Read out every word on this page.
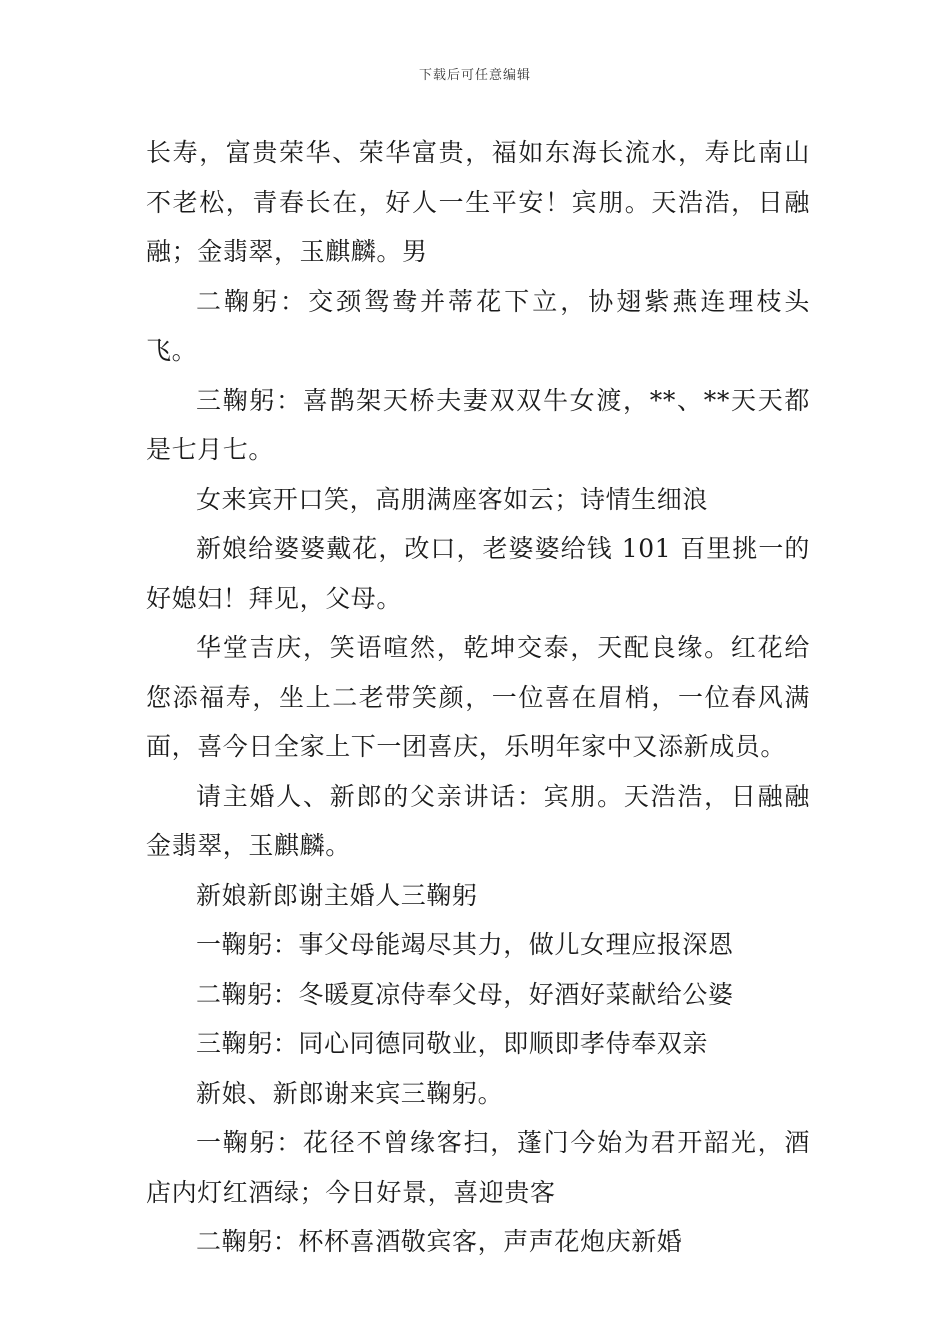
下载后可任意编辑

长寿，富贵荣华、荣华富贵，福如东海长流水，寿比南山不老松，青春长在，好人一生平安！宾朋。天浩浩，日融融；金翡翠，玉麒麟。男

二鞠躬：交颈鸳鸯并蒂花下立，协翅紫燕连理枝头飞。

三鞠躬：喜鹊架天桥夫妻双双牛女渡，**、**天天都是七月七。

女来宾开口笑，高朋满座客如云；诗情生细浪

新娘给婆婆戴花，改口，老婆婆给钱 101 百里挑一的好媳妇！拜见，父母。

华堂吉庆，笑语喧然，乾坤交泰，天配良缘。红花给您添福寿，坐上二老带笑颜，一位喜在眉梢，一位春风满面，喜今日全家上下一团喜庆，乐明年家中又添新成员。

请主婚人、新郎的父亲讲话：宾朋。天浩浩，日融融金翡翠，玉麒麟。

新娘新郎谢主婚人三鞠躬

一鞠躬：事父母能竭尽其力，做儿女理应报深恩

二鞠躬：冬暖夏凉侍奉父母，好酒好菜献给公婆

三鞠躬：同心同德同敬业，即顺即孝侍奉双亲

新娘、新郎谢来宾三鞠躬。

一鞠躬：花径不曾缘客扫，蓬门今始为君开韶光，酒店内灯红酒绿；今日好景，喜迎贵客

二鞠躬：杯杯喜酒敬宾客，声声花炮庆新婚
